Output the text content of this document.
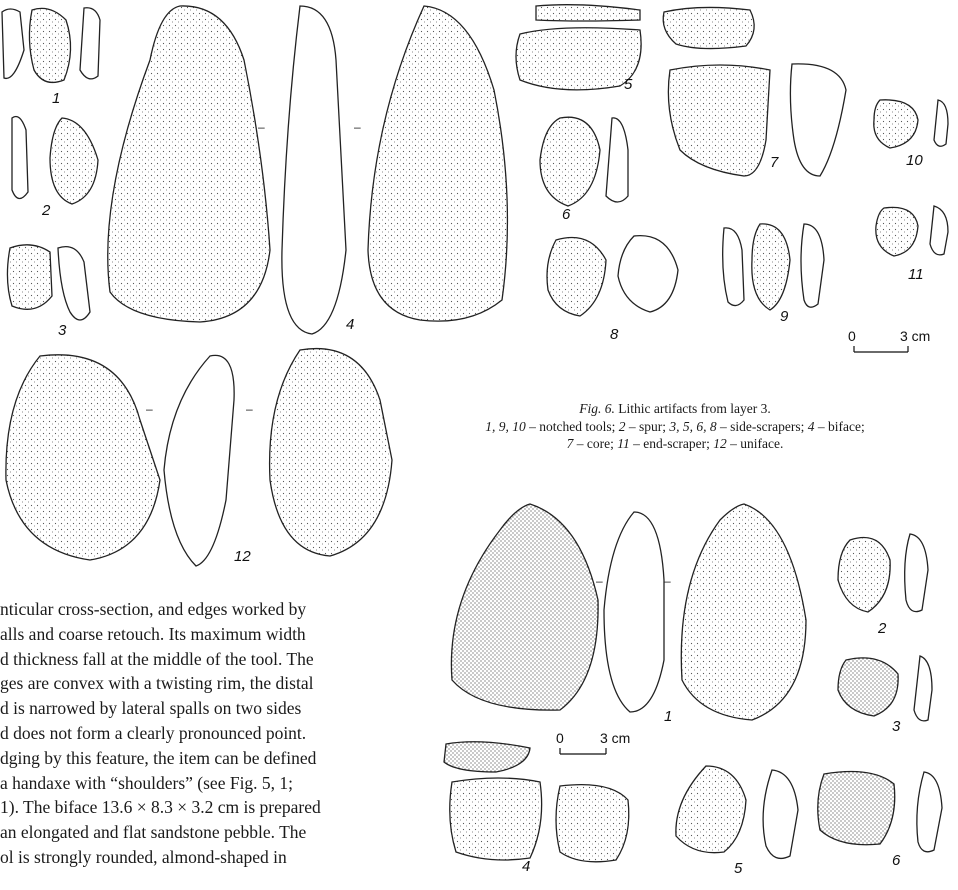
1
2
3	4
5
6
7
8
9
10
11
12
–	–
–	–
0	3 cm
Fig. 6. Lithic artifacts from layer 3.
1, 9, 10 – notched tools; 2 – spur; 3, 5, 6, 8 – side-scrapers; 4 – biface;
7 – core; 11 – end-scraper; 12 – uniface.
1
2
3
4	5	6
–	–
0	3 cm
nticular cross-section, and edges worked by
alls and coarse retouch. Its maximum width
d thickness fall at the middle of the tool. The
ges are convex with a twisting rim, the distal
d is narrowed by lateral spalls on two sides
d does not form a clearly pronounced point.
dging by this feature, the item can be defined
a handaxe with “shoulders” (see Fig. 5, 1;
1). The biface 13.6 × 8.3 × 3.2 cm is prepared
an elongated and flat sandstone pebble. The
ol is strongly rounded, almond-shaped in
